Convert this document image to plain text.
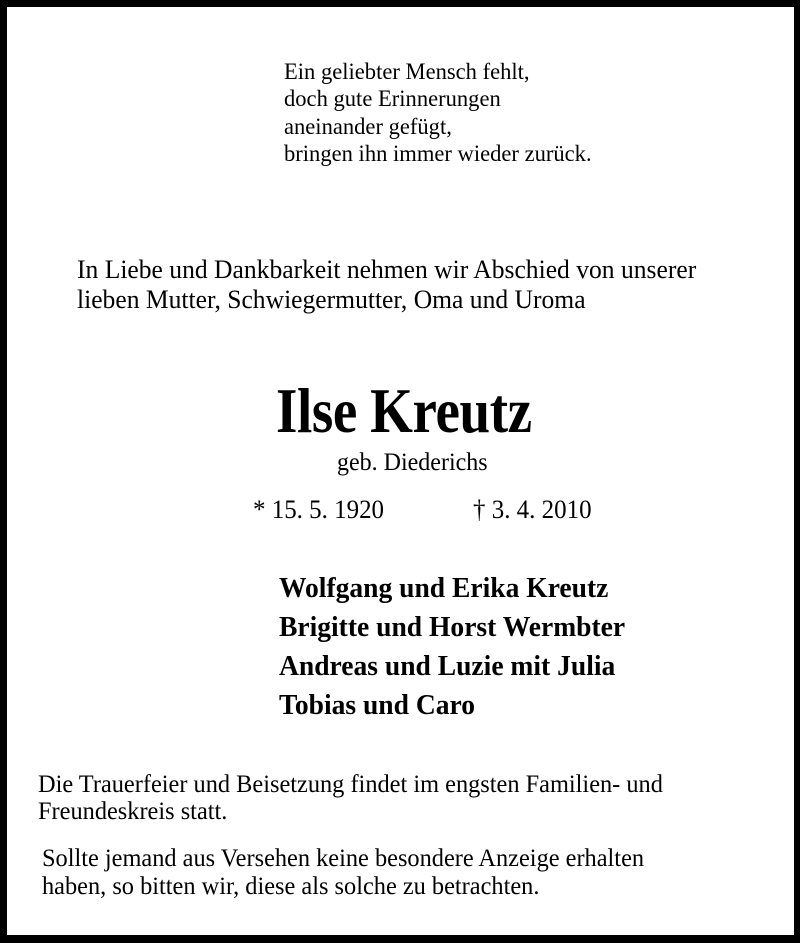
Ein geliebter Mensch fehlt,
doch gute Erinnerungen
aneinander gefügt,
bringen ihn immer wieder zurück.
In Liebe und Dankbarkeit nehmen wir Abschied von unserer
lieben Mutter, Schwiegermutter, Oma und Uroma
Ilse Kreutz
geb. Diederichs
* 15. 5. 1920	† 3. 4. 2010
Wolfgang und Erika Kreutz
Brigitte und Horst Wermbter
Andreas und Luzie mit Julia
Tobias und Caro
Die Trauerfeier und Beisetzung findet im engsten Familien- und
Freundeskreis statt.
Sollte jemand aus Versehen keine besondere Anzeige erhalten
haben, so bitten wir, diese als solche zu betrachten.
